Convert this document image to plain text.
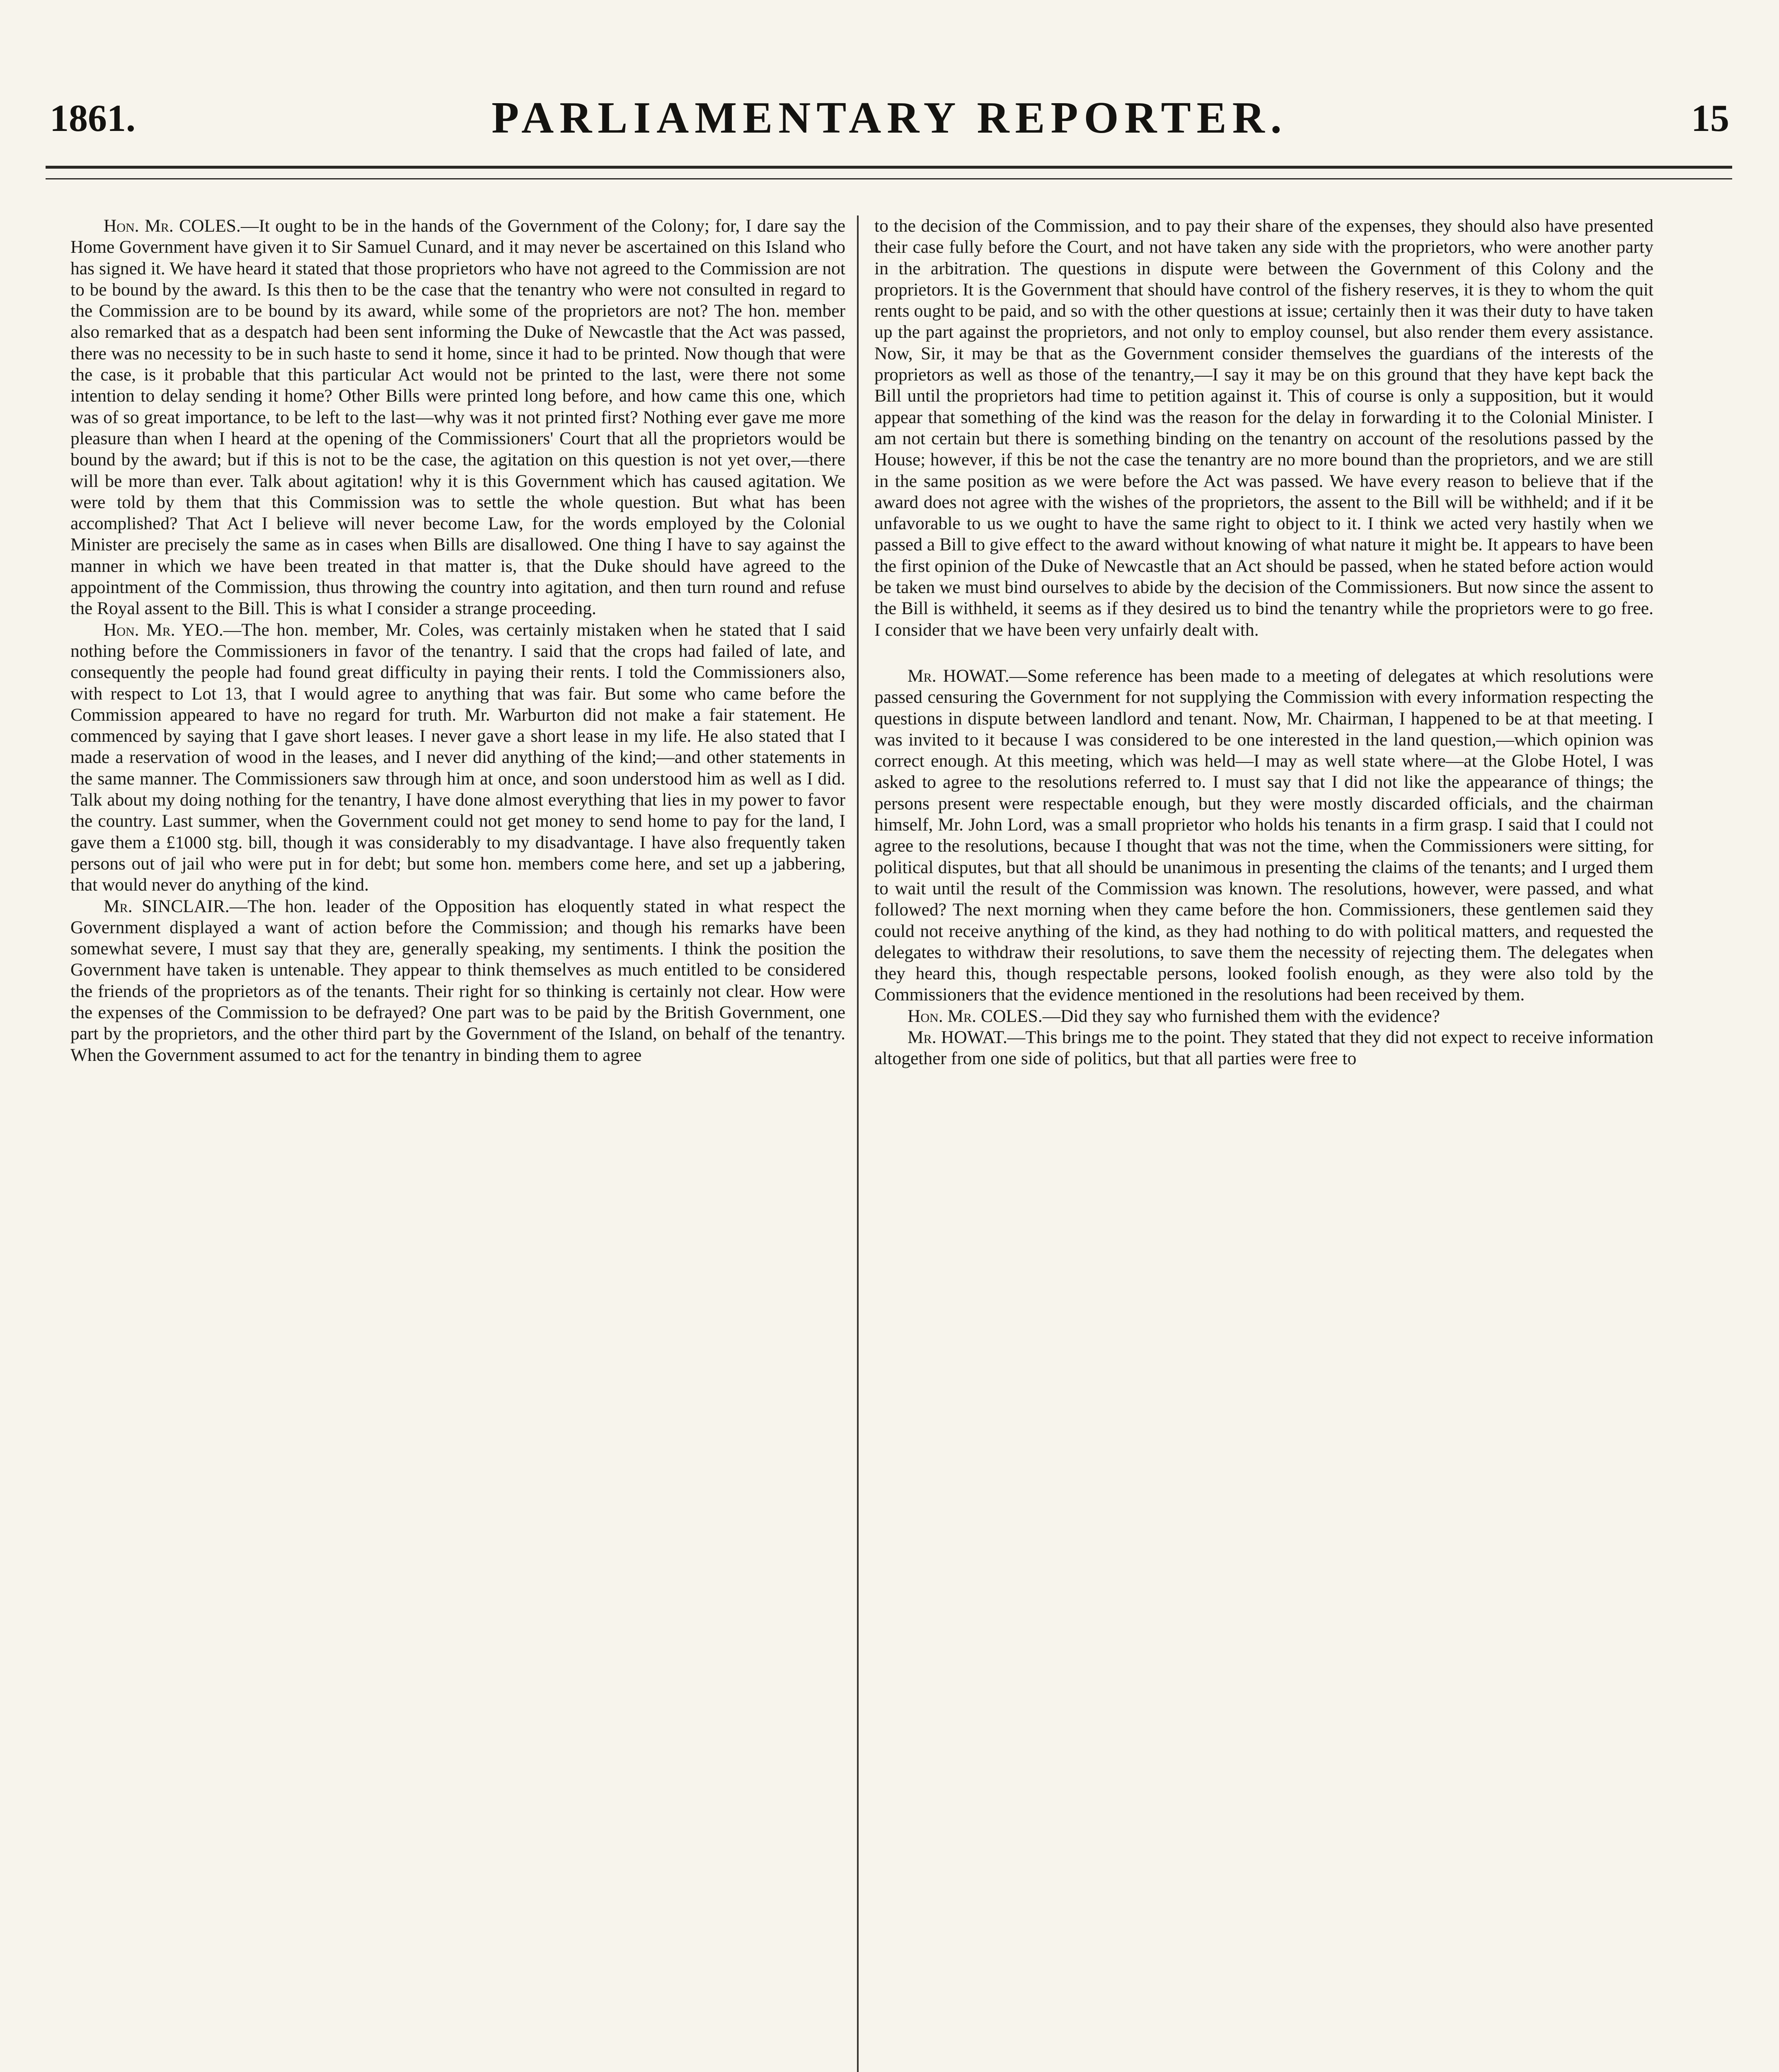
PARLIAMENTARY REPORTER.
1861.	15

Hon. Mr. COLES.—It ought to be in the hands of the Government of the Colony; for, I dare say the Home Government have given it to Sir Samuel Cunard, and it may never be ascertained on this Island who has signed it. We have heard it stated that those proprietors who have not agreed to the Commission are not to be bound by the award. Is this then to be the case that the tenantry who were not consulted in regard to the Commission are to be bound by its award, while some of the proprietors are not? The hon. member also remarked that as a despatch had been sent informing the Duke of Newcastle that the Act was passed, there was no necessity to be in such haste to send it home, since it had to be printed. Now though that were the case, is it probable that this particular Act would not be printed to the last, were there not some intention to delay sending it home? Other Bills were printed long before, and how came this one, which was of so great importance, to be left to the last—why was it not printed first? Nothing ever gave me more pleasure than when I heard at the opening of the Commissioners' Court that all the proprietors would be bound by the award; but if this is not to be the case, the agitation on this question is not yet over,—there will be more than ever. Talk about agitation! why it is this Government which has caused agitation. We were told by them that this Commission was to settle the whole question. But what has been accomplished? That Act I believe will never become Law, for the words employed by the Colonial Minister are precisely the same as in cases when Bills are disallowed. One thing I have to say against the manner in which we have been treated in that matter is, that the Duke should have agreed to the appointment of the Commission, thus throwing the country into agitation, and then turn round and refuse the Royal assent to the Bill. This is what I consider a strange proceeding.

Hon. Mr. YEO.—The hon. member, Mr. Coles, was certainly mistaken when he stated that I said nothing before the Commissioners in favor of the tenantry. I said that the crops had failed of late, and consequently the people had found great difficulty in paying their rents. I told the Commissioners also, with respect to Lot 13, that I would agree to anything that was fair. But some who came before the Commission appeared to have no regard for truth. Mr. Warburton did not make a fair statement. He commenced by saying that I gave short leases. I never gave a short lease in my life. He also stated that I made a reservation of wood in the leases, and I never did anything of the kind;—and other statements in the same manner. The Commissioners saw through him at once, and soon understood him as well as I did. Talk about my doing nothing for the tenantry, I have done almost everything that lies in my power to favor the country. Last summer, when the Government could not get money to send home to pay for the land, I gave them a £1000 stg. bill, though it was considerably to my disadvantage. I have also frequently taken persons out of jail who were put in for debt; but some hon. members come here, and set up a jabbering, that would never do anything of the kind.

Mr. SINCLAIR.—The hon. leader of the Opposition has eloquently stated in what respect the Government displayed a want of action before the Commission; and though his remarks have been somewhat severe, I must say that they are, generally speaking, my sentiments. I think the position the Government have taken is untenable. They appear to think themselves as much entitled to be considered the friends of the proprietors as of the tenants. Their right for so thinking is certainly not clear. How were the expenses of the Commission to be defrayed? One part was to be paid by the British Government, one part by the proprietors, and the other third part by the Government of the Island, on behalf of the tenantry. When the Government assumed to act for the tenantry in binding them to agree

to the decision of the Commission, and to pay their share of the expenses, they should also have presented their case fully before the Court, and not have taken any side with the proprietors, who were another party in the arbitration. The questions in dispute were between the Government of this Colony and the proprietors. It is the Government that should have control of the fishery reserves, it is they to whom the quit rents ought to be paid, and so with the other questions at issue; certainly then it was their duty to have taken up the part against the proprietors, and not only to employ counsel, but also render them every assistance. Now, Sir, it may be that as the Government consider themselves the guardians of the interests of the proprietors as well as those of the tenantry,—I say it may be on this ground that they have kept back the Bill until the proprietors had time to petition against it. This of course is only a supposition, but it would appear that something of the kind was the reason for the delay in forwarding it to the Colonial Minister. I am not certain but there is something binding on the tenantry on account of the resolutions passed by the House; however, if this be not the case the tenantry are no more bound than the proprietors, and we are still in the same position as we were before the Act was passed. We have every reason to believe that if the award does not agree with the wishes of the proprietors, the assent to the Bill will be withheld; and if it be unfavorable to us we ought to have the same right to object to it. I think we acted very hastily when we passed a Bill to give effect to the award without knowing of what nature it might be. It appears to have been the first opinion of the Duke of Newcastle that an Act should be passed, when he stated before action would be taken we must bind ourselves to abide by the decision of the Commissioners. But now since the assent to the Bill is withheld, it seems as if they desired us to bind the tenantry while the proprietors were to go free. I consider that we have been very unfairly dealt with.

Mr. HOWAT.—Some reference has been made to a meeting of delegates at which resolutions were passed censuring the Government for not supplying the Commission with every information respecting the questions in dispute between landlord and tenant. Now, Mr. Chairman, I happened to be at that meeting. I was invited to it because I was considered to be one interested in the land question,—which opinion was correct enough. At this meeting, which was held—I may as well state where—at the Globe Hotel, I was asked to agree to the resolutions referred to. I must say that I did not like the appearance of things; the persons present were respectable enough, but they were mostly discarded officials, and the chairman himself, Mr. John Lord, was a small proprietor who holds his tenants in a firm grasp. I said that I could not agree to the resolutions, because I thought that was not the time, when the Commissioners were sitting, for political disputes, but that all should be unanimous in presenting the claims of the tenants; and I urged them to wait until the result of the Commission was known. The resolutions, however, were passed, and what followed? The next morning when they came before the hon. Commissioners, these gentlemen said they could not receive anything of the kind, as they had nothing to do with political matters, and requested the delegates to withdraw their resolutions, to save them the necessity of rejecting them. The delegates when they heard this, though respectable persons, looked foolish enough, as they were also told by the Commissioners that the evidence mentioned in the resolutions had been received by them.

Hon. Mr. COLES.—Did they say who furnished them with the evidence?

Mr. HOWAT.—This brings me to the point. They stated that they did not expect to receive information altogether from one side of politics, but that all parties were free to
